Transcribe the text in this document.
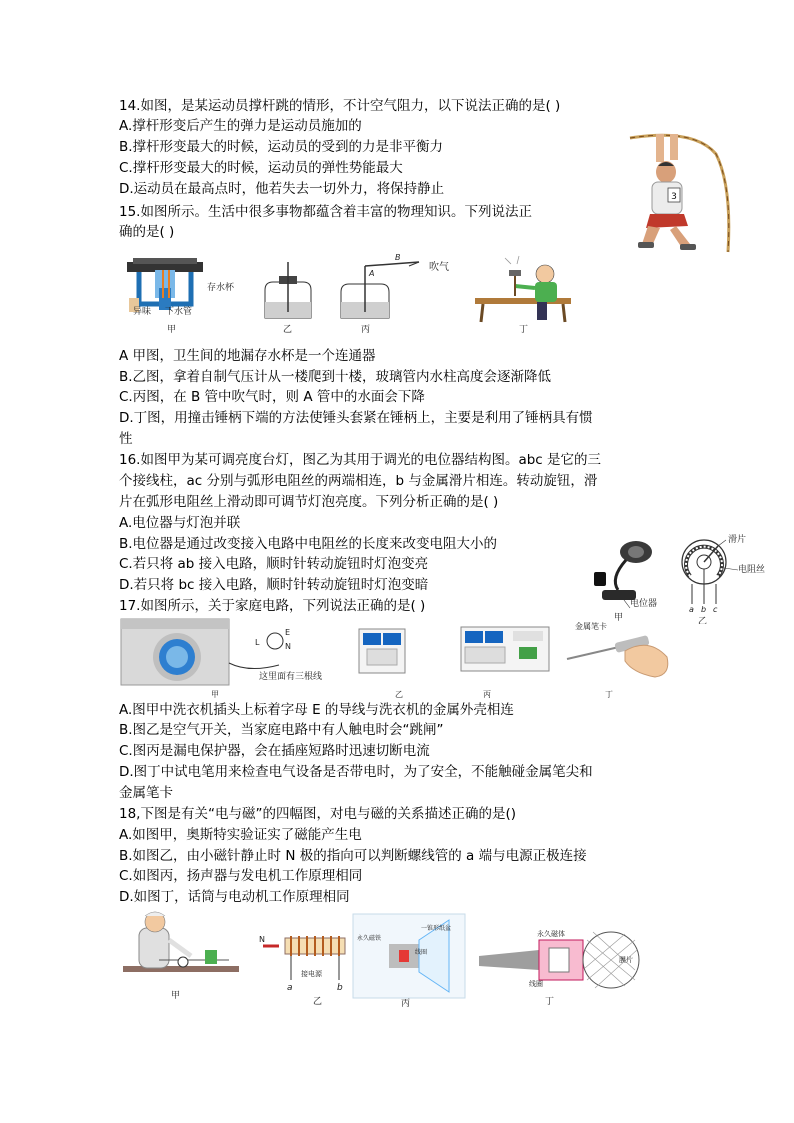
14.如图，是某运动员撑杆跳的情形，不计空气阻力，以下说法正确的是( )
A.撑杆形变后产生的弹力是运动员施加的
B.撑杆形变最大的时候，运动员的受到的力是非平衡力
C.撑杆形变最大的时候，运动员的弹性势能最大
D.运动员在最高点时，他若失去一切外力，将保持静止	3
15.如图所示。生活中很多事物都蕴含着丰富的物理知识。下列说法正
确的是( )
存水杯
异味 下水管
甲	乙
A
B
吹气
丙	丁
A 甲图，卫生间的地漏存水杯是一个连通器
B.乙图，拿着自制气压计从一楼爬到十楼，玻璃管内水柱高度会逐渐降低
C.丙图，在 B 管中吹气时，则 A 管中的水面会下降
D.丁图，用撞击锤柄下端的方法使锤头套紧在锤柄上，主要是利用了锤柄具有惯
性
16.如图甲为某可调亮度台灯，图乙为其用于调光的电位器结构图。abc 是它的三
个接线柱，ac 分别与弧形电阻丝的两端相连，b 与金属滑片相连。转动旋钮，滑
片在弧形电阻丝上滑动即可调节灯泡亮度。下列分析正确的是( )
A.电位器与灯泡并联
B.电位器是通过改变接入电路中电阻丝的长度来改变电阻大小的
C.若只将 ab 接入电路，顺时针转动旋钮时灯泡变亮
D.若只将 bc 接入电路，顺时针转动旋钮时灯泡变暗
电位器
甲
滑片
电阻丝
a b c
乙
17.如图所示，关于家庭电路，下列说法正确的是( )
L
E
N
这里面有三根线
甲	乙	丙
金属笔卡
丁
A.图甲中洗衣机插头上标着字母 E 的导线与洗衣机的金属外壳相连
B.图乙是空气开关，当家庭电路中有人触电时会“跳闸”
C.图丙是漏电保护器，会在插座短路时迅速切断电流
D.图丁中试电笔用来检查电气设备是否带电时，为了安全，不能触碰金属笔尖和
金属笔卡
18,下图是有关“电与磁”的四幅图，对电与磁的关系描述正确的是()
A.如图甲，奥斯特实验证实了磁能产生电
B.如图乙，由小磁针静止时 N 极的指向可以判断螺线管的 a 端与电源正极连接
C.如图丙，扬声器与发电机工作原理相同
D.如图丁，话筒与电动机工作原理相同
甲
N
a
接电源
b
乙
永久磁铁
一锥形纸盆
线圈
丙
永久磁体
线圈
膜片
丁
